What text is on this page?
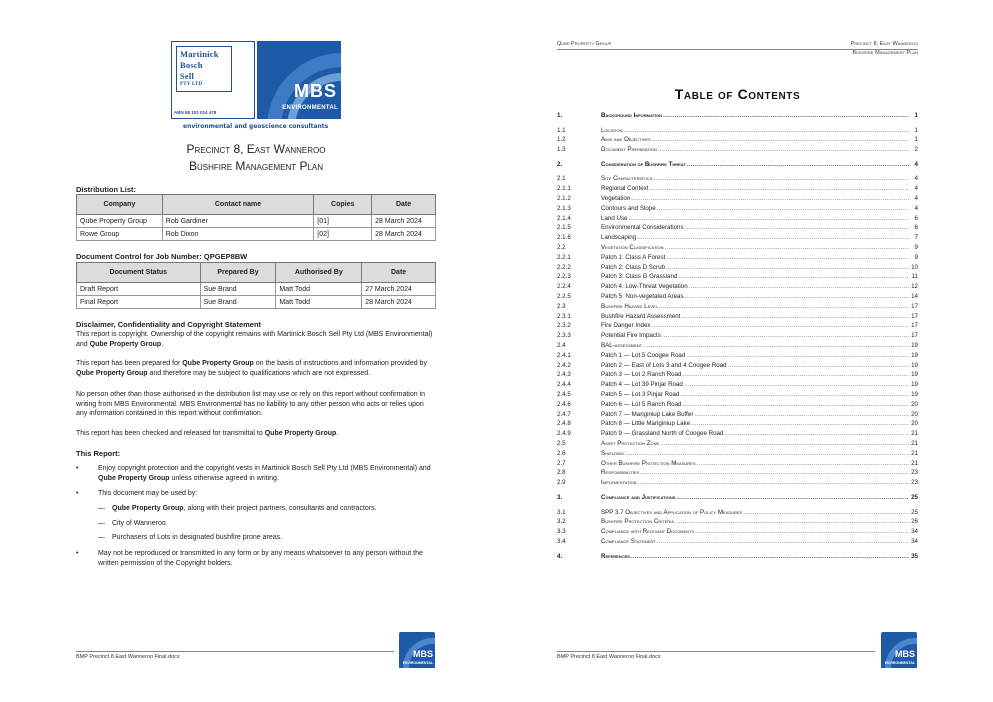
Martinick
Bosch
Sell
PTY LTD
ABN 88 102 014 478
MBS
ENVIRONMENTAL
environmental and geoscience consultants
Precinct 8, East Wanneroo
Bushfire Management Plan
Distribution List:
Company	Contact name	Copies	Date
Qube Property Group	Rob Gardiner	[01]	28 March 2024
Rowe Group	Rob Dixon	[02]	28 March 2024
Document Control for Job Number: QPGEP8BW
Document Status	Prepared By	Authorised By	Date
Draft Report	Sue Brand	Matt Todd	27 March 2024
Final Report	Sue Brand	Matt Todd	28 March 2024
Disclaimer, Confidentiality and Copyright Statement
This report is copyright. Ownership of the copyright remains with Martinick Bosch Sell Pty Ltd (MBS Environmental)
and Qube Property Group.
This report has been prepared for Qube Property Group on the basis of instructions and information provided by
Qube Property Group and therefore may be subject to qualifications which are not expressed.
No person other than those authorised in the distribution list may use or rely on this report without confirmation in
writing from MBS Environmental. MBS Environmental has no liability to any other person who acts or relies upon
any information contained in this report without confirmation.
This report has been checked and released for transmittal to Qube Property Group.
This Report:
•	Enjoy copyright protection and the copyright vests in Martinick Bosch Sell Pty Ltd (MBS Environmental) and
Qube Property Group unless otherwise agreed in writing.
•	This document may be used by:
— Qube Property Group, along with their project partners, consultants and contractors.
— City of Wanneroo.
— Purchasers of Lots in designated bushfire prone areas.
•	May not be reproduced or transmitted in any form or by any means whatsoever to any person without the
written permission of the Copyright holders.
BMP Precinct 8 East Wanneroo Final.docx	MBS
ENVIRONMENTAL
Qube Property Group	Precinct 8, East Wanneroo
Bushfire Management Plan
Table of Contents
BMP Precinct 8 East Wanneroo Final.docx	MBS
ENVIRONMENTAL
1.	Background Information .....	1
1.1	Location .....	1
1.2	Aims and Objectives .....	1
1.3	Document Preparation .....	2
2.	Consideration of Bushfire Threat .....	4
2.1	Site Characteristics .....	4
2.1.1	Regional Context .....	4
2.1.2	Vegetation .....	4
2.1.3	Contours and Slope .....	4
2.1.4	Land Use .....	6
2.1.5	Environmental Considerations .....	6
2.1.6	Landscaping .....	7
2.2	Vegetation Classification .....	9
2.2.1	Patch 1: Class A Forest .....	9
2.2.2	Patch 2: Class D Scrub .....	10
2.2.3	Patch 3: Class G Grassland .....	11
2.2.4	Patch 4: Low-Threat Vegetation .....	12
2.2.5	Patch 5: Non-vegetated Areas .....	14
2.3	Bushfire Hazard Level .....	17
2.3.1	Bushfire Hazard Assessment .....	17
2.3.2	Fire Danger Index .....	17
2.3.3	Potential Fire Impacts .....	17
2.4	BAL-assessment .....	19
2.4.1	Patch 1 — Lot 5 Coogee Road .....	19
2.4.2	Patch 2 — East of Lots 3 and 4 Coogee Road .....	19
2.4.3	Patch 3 — Lot 2 Ranch Road .....	19
2.4.4	Patch 4 — Lot 39 Pinjar Road .....	19
2.4.5	Patch 5 — Lot 3 Pinjar Road .....	19
2.4.6	Patch 6 — Lot 5 Ranch Road .....	20
2.4.7	Patch 7 — Mariginiup Lake Buffer .....	20
2.4.8	Patch 8 — Little Mariginiup Lake .....	20
2.4.9	Patch 9 — Grassland North of Coogee Road .....	21
2.5	Asset Protection Zone .....	21
2.6	Shielding .....	21
2.7	Other Bushfire Protection Measures .....	21
2.8	Responsibilities .....	23
2.9	Implementation .....	23
3.	Compliance and Justifications .....	25
3.1	SPP 3.7 Objectives and Application of Policy Measures .....	25
3.2	Bushfire Protection Criteria .....	26
3.3	Compliance with Relevant Documents .....	34
3.4	Compliance Statement .....	34
4.	References .....	35
